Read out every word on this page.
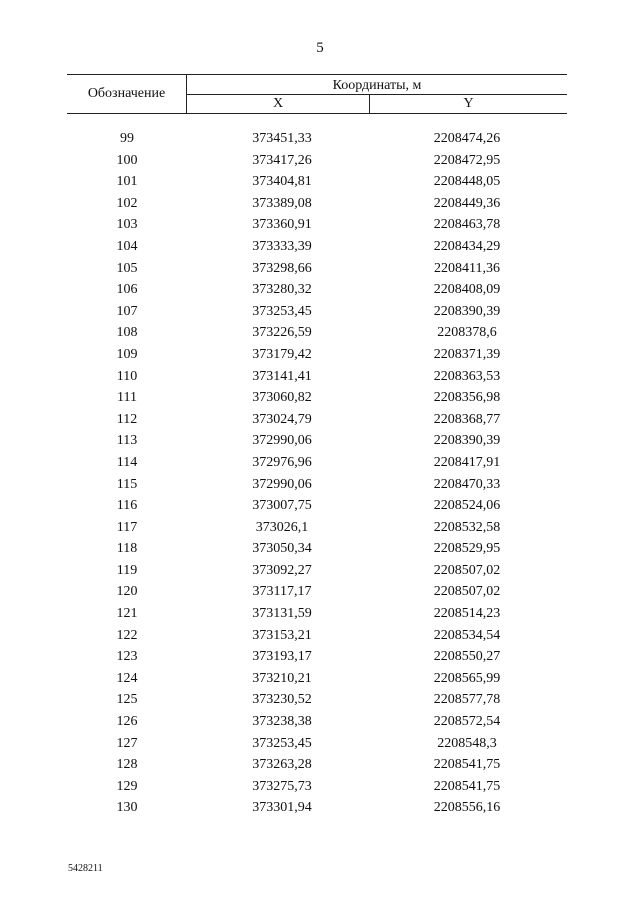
5
Обозначение
Координаты, м
X	Y
99	373451,33	2208474,26
100	373417,26	2208472,95
101	373404,81	2208448,05
102	373389,08	2208449,36
103	373360,91	2208463,78
104	373333,39	2208434,29
105	373298,66	2208411,36
106	373280,32	2208408,09
107	373253,45	2208390,39
108	373226,59	2208378,6
109	373179,42	2208371,39
110	373141,41	2208363,53
111	373060,82	2208356,98
112	373024,79	2208368,77
113	372990,06	2208390,39
114	372976,96	2208417,91
115	372990,06	2208470,33
116	373007,75	2208524,06
117	373026,1	2208532,58
118	373050,34	2208529,95
119	373092,27	2208507,02
120	373117,17	2208507,02
121	373131,59	2208514,23
122	373153,21	2208534,54
123	373193,17	2208550,27
124	373210,21	2208565,99
125	373230,52	2208577,78
126	373238,38	2208572,54
127	373253,45	2208548,3
128	373263,28	2208541,75
129	373275,73	2208541,75
130	373301,94	2208556,16
5428211
